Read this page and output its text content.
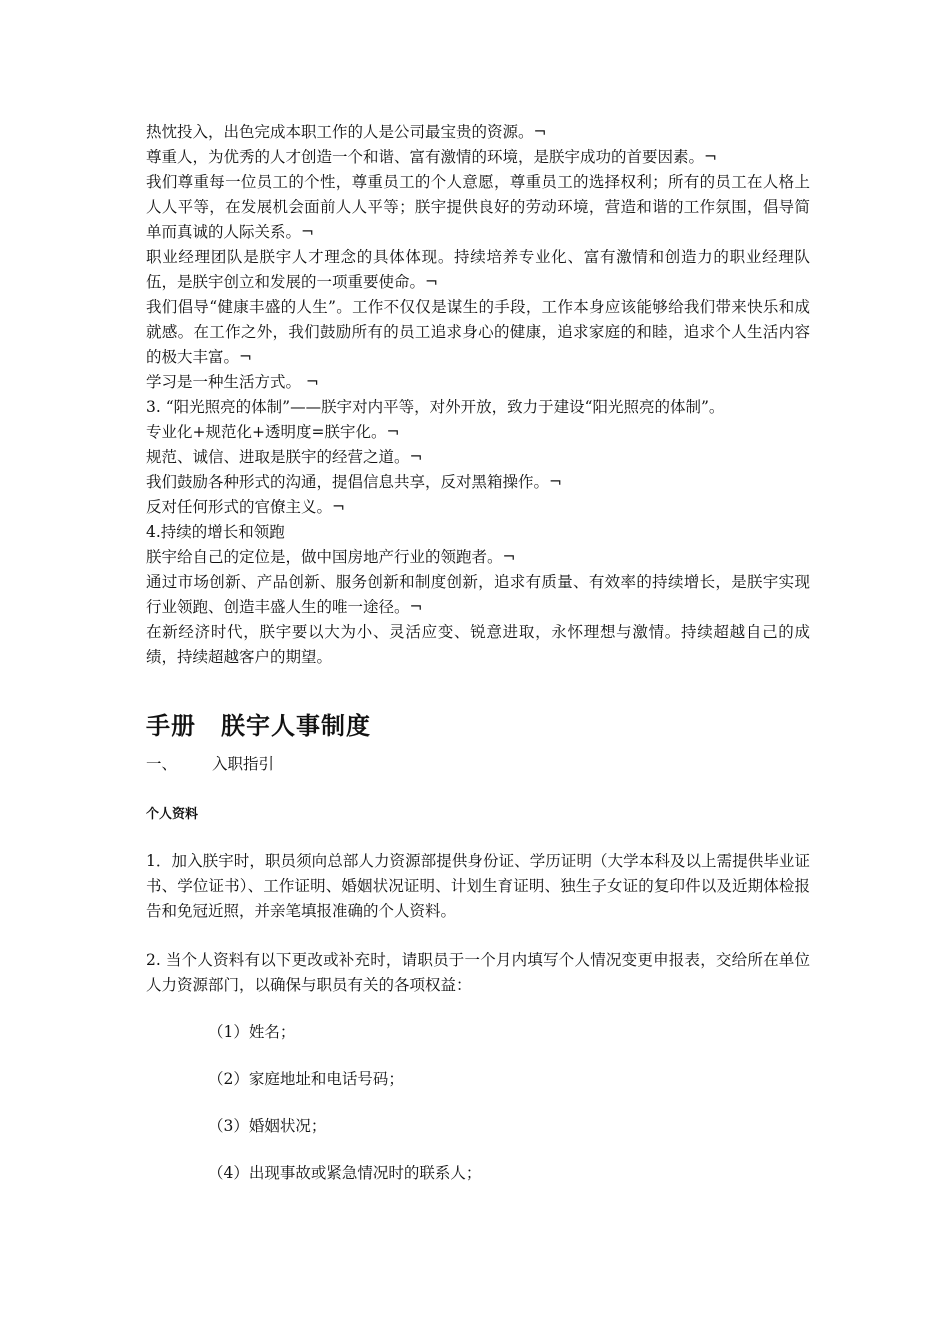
热忱投入，出色完成本职工作的人是公司最宝贵的资源。¬

尊重人，为优秀的人才创造一个和谐、富有激情的环境，是朕宇成功的首要因素。¬

我们尊重每一位员工的个性，尊重员工的个人意愿，尊重员工的选择权利；所有的员工在人格上人人平等，在发展机会面前人人平等；朕宇提供良好的劳动环境，营造和谐的工作氛围，倡导简单而真诚的人际关系。¬

职业经理团队是朕宇人才理念的具体体现。持续培养专业化、富有激情和创造力的职业经理队伍，是朕宇创立和发展的一项重要使命。¬

我们倡导“健康丰盛的人生”。工作不仅仅是谋生的手段，工作本身应该能够给我们带来快乐和成就感。在工作之外，我们鼓励所有的员工追求身心的健康，追求家庭的和睦，追求个人生活内容的极大丰富。¬

学习是一种生活方式。 ¬

3. “阳光照亮的体制”——朕宇对内平等，对外开放，致力于建设“阳光照亮的体制”。

专业化+规范化+透明度=朕宇化。¬

规范、诚信、进取是朕宇的经营之道。¬

我们鼓励各种形式的沟通，提倡信息共享，反对黑箱操作。¬

反对任何形式的官僚主义。¬

4.持续的增长和领跑

朕宇给自己的定位是，做中国房地产行业的领跑者。¬

通过市场创新、产品创新、服务创新和制度创新，追求有质量、有效率的持续增长，是朕宇实现行业领跑、创造丰盛人生的唯一途径。¬

在新经济时代，朕宇要以大为小、灵活应变、锐意进取，永怀理想与激情。持续超越自己的成绩，持续超越客户的期望。

手册　朕宇人事制度
一、 入职指引
个人资料

1．加入朕宇时，职员须向总部人力资源部提供身份证、学历证明（大学本科及以上需提供毕业证书、学位证书）、工作证明、婚姻状况证明、计划生育证明、独生子女证的复印件以及近期体检报告和免冠近照，并亲笔填报准确的个人资料。

2. 当个人资料有以下更改或补充时，请职员于一个月内填写个人情况变更申报表，交给所在单位人力资源部门，以确保与职员有关的各项权益：

（1）姓名；
（2）家庭地址和电话号码；
（3）婚姻状况；
（4）出现事故或紧急情况时的联系人；
